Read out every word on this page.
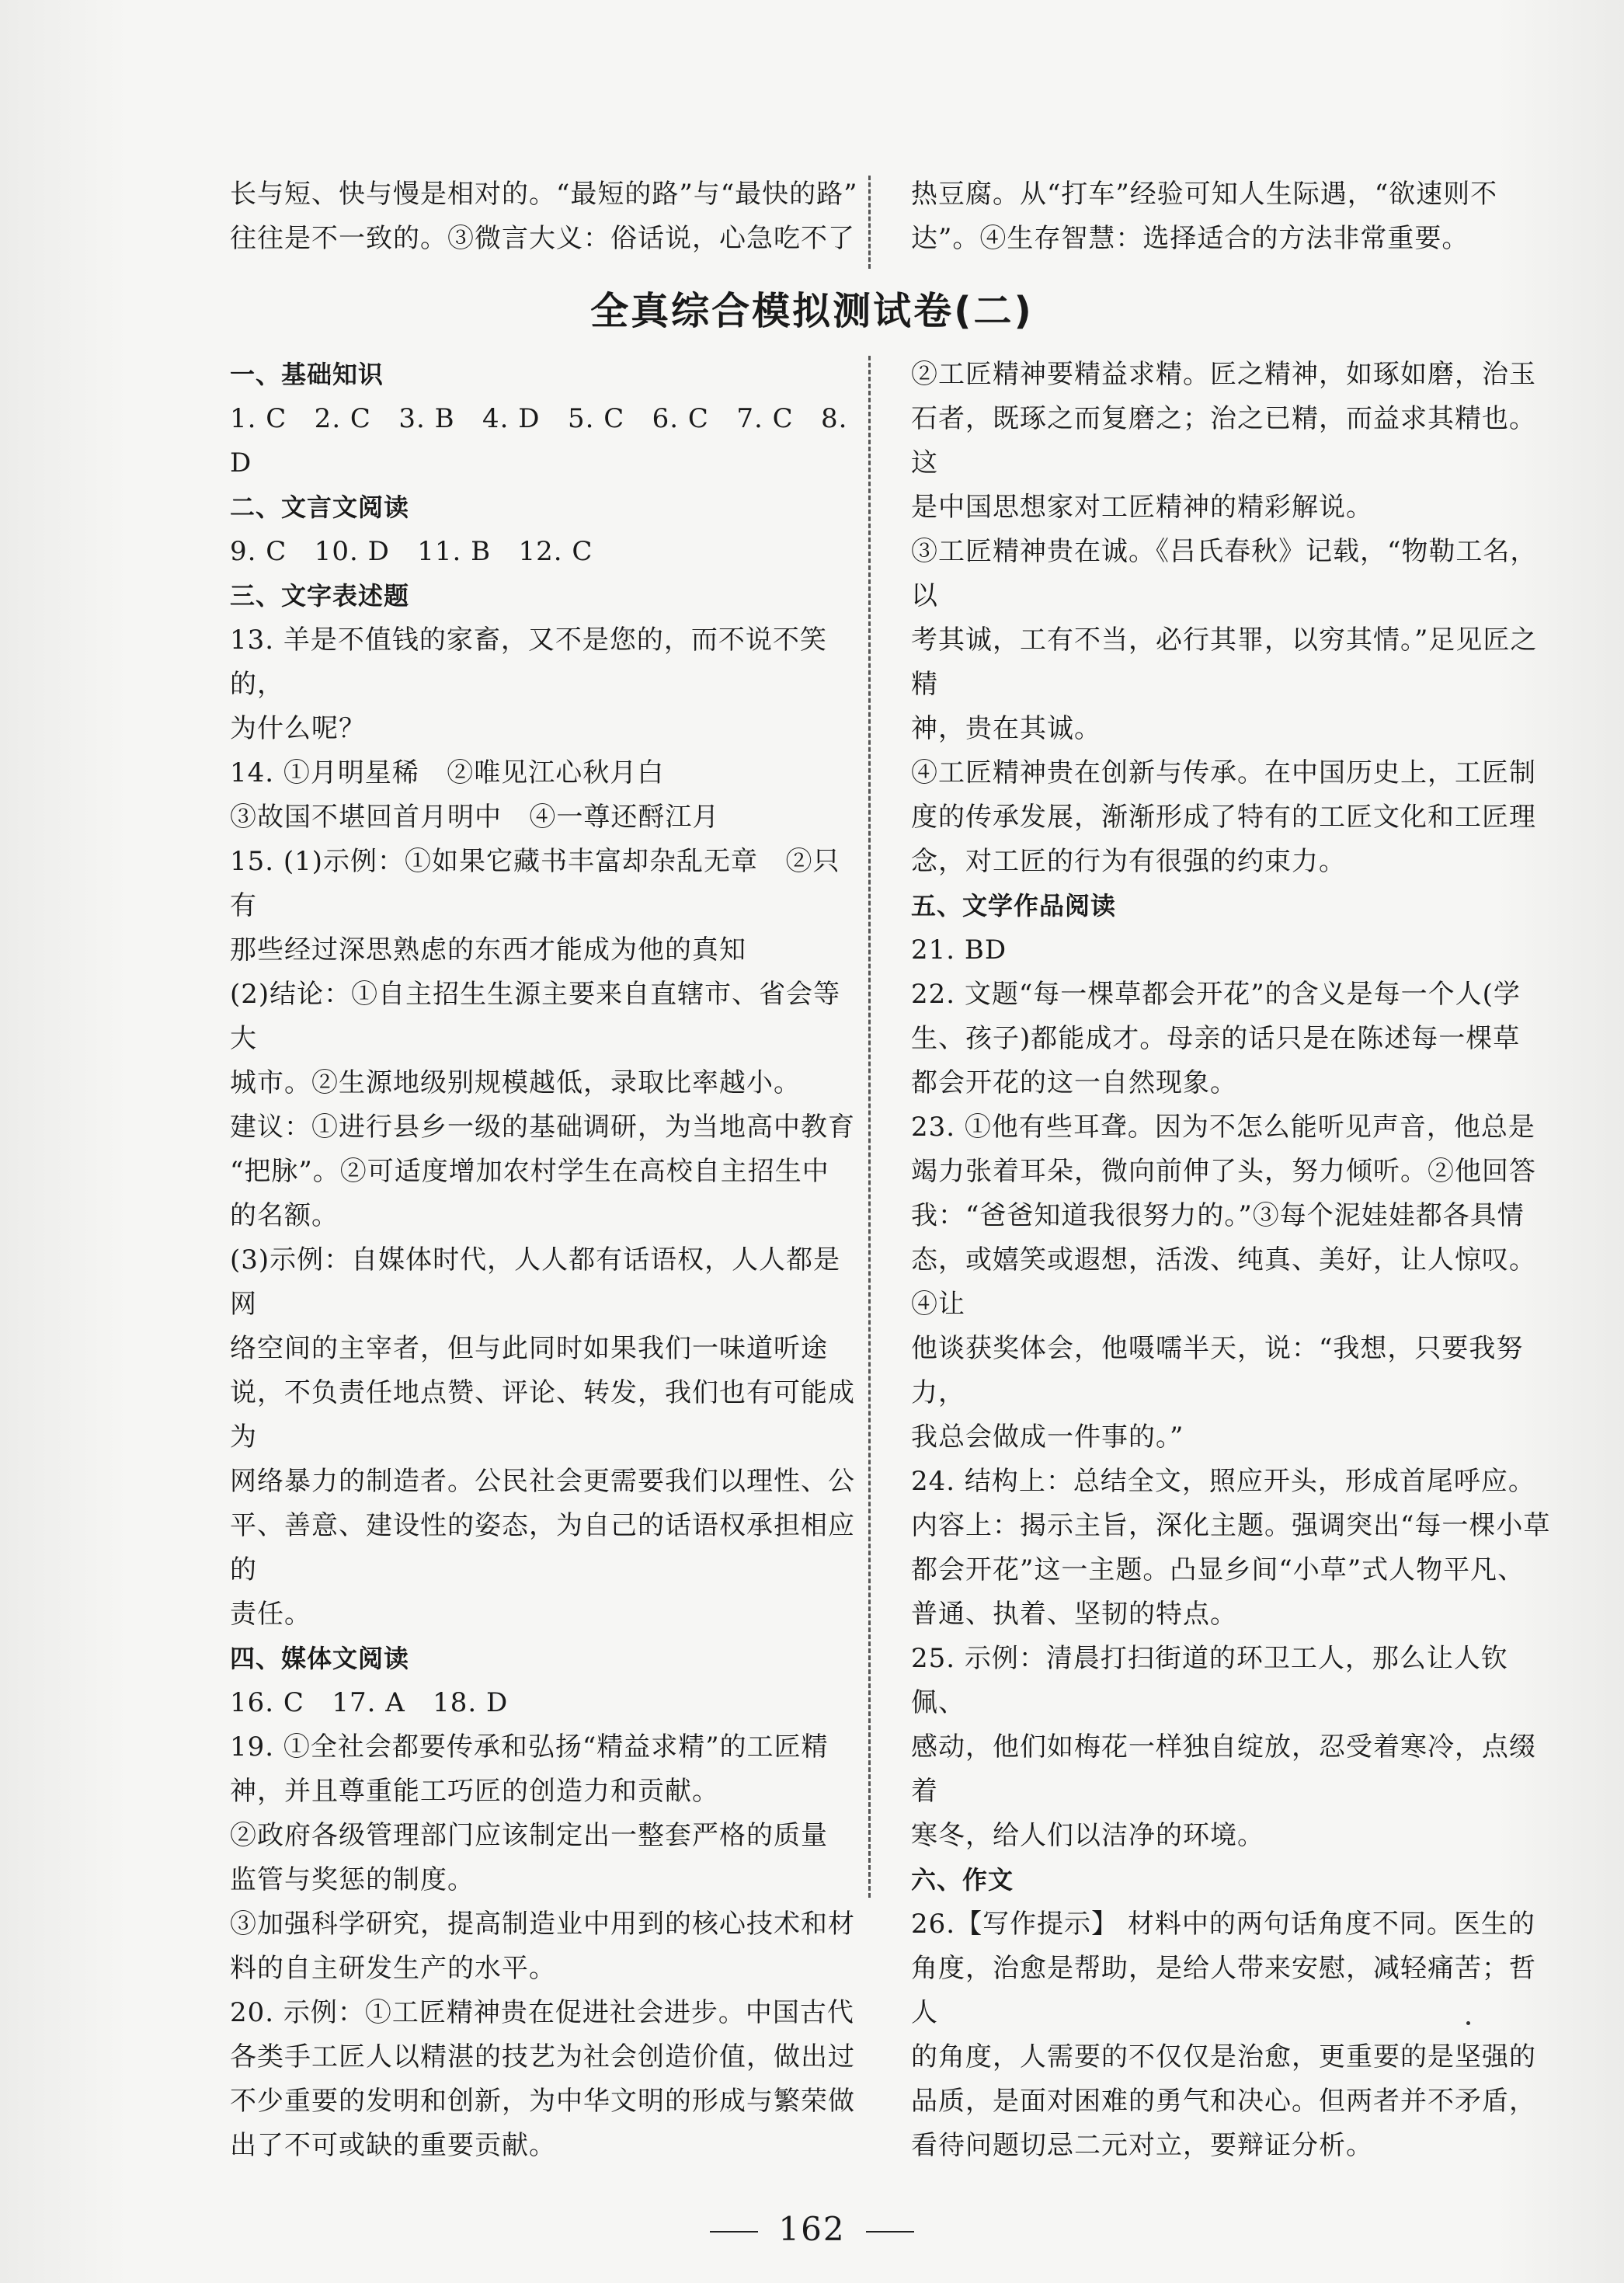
长与短、快与慢是相对的。“最短的路”与“最快的路”

往往是不一致的。③微言大义：俗话说，心急吃不了

热豆腐。从“打车”经验可知人生际遇，“欲速则不

达”。④生存智慧：选择适合的方法非常重要。

全真综合模拟测试卷(二)

一、基础知识

1. C   2. C   3. B   4. D   5. C   6. C   7. C   8. D

二、文言文阅读

9. C   10. D   11. B   12. C

三、文字表述题

13. 羊是不值钱的家畜，又不是您的，而不说不笑的，

为什么呢？

14. ①月明星稀   ②唯见江心秋月白

③故国不堪回首月明中   ④一尊还酹江月

15. (1)示例：①如果它藏书丰富却杂乱无章   ②只有

那些经过深思熟虑的东西才能成为他的真知

(2)结论：①自主招生生源主要来自直辖市、省会等大

城市。②生源地级别规模越低，录取比率越小。

建议：①进行县乡一级的基础调研，为当地高中教育

“把脉”。②可适度增加农村学生在高校自主招生中

的名额。

(3)示例：自媒体时代，人人都有话语权，人人都是网

络空间的主宰者，但与此同时如果我们一味道听途

说，不负责任地点赞、评论、转发，我们也有可能成为

网络暴力的制造者。公民社会更需要我们以理性、公

平、善意、建设性的姿态，为自己的话语权承担相应的

责任。

四、媒体文阅读

16. C   17. A   18. D

19. ①全社会都要传承和弘扬“精益求精”的工匠精

神，并且尊重能工巧匠的创造力和贡献。

②政府各级管理部门应该制定出一整套严格的质量

监管与奖惩的制度。

③加强科学研究，提高制造业中用到的核心技术和材

料的自主研发生产的水平。

20. 示例：①工匠精神贵在促进社会进步。中国古代

各类手工匠人以精湛的技艺为社会创造价值，做出过

不少重要的发明和创新，为中华文明的形成与繁荣做

出了不可或缺的重要贡献。

②工匠精神要精益求精。匠之精神，如琢如磨，治玉

石者，既琢之而复磨之；治之已精，而益求其精也。这

是中国思想家对工匠精神的精彩解说。

③工匠精神贵在诚。《吕氏春秋》记载，“物勒工名，以

考其诚，工有不当，必行其罪，以穷其情。”足见匠之精

神，贵在其诚。

④工匠精神贵在创新与传承。在中国历史上，工匠制

度的传承发展，渐渐形成了特有的工匠文化和工匠理

念，对工匠的行为有很强的约束力。

五、文学作品阅读

21. BD

22. 文题“每一棵草都会开花”的含义是每一个人(学

生、孩子)都能成才。母亲的话只是在陈述每一棵草

都会开花的这一自然现象。

23. ①他有些耳聋。因为不怎么能听见声音，他总是

竭力张着耳朵，微向前伸了头，努力倾听。②他回答

我：“爸爸知道我很努力的。”③每个泥娃娃都各具情

态，或嬉笑或遐想，活泼、纯真、美好，让人惊叹。④让

他谈获奖体会，他嗫嚅半天，说：“我想，只要我努力，

我总会做成一件事的。”

24. 结构上：总结全文，照应开头，形成首尾呼应。

内容上：揭示主旨，深化主题。强调突出“每一棵小草

都会开花”这一主题。凸显乡间“小草”式人物平凡、

普通、执着、坚韧的特点。

25. 示例：清晨打扫街道的环卫工人，那么让人钦佩、

感动，他们如梅花一样独自绽放，忍受着寒冷，点缀着

寒冬，给人们以洁净的环境。

六、作文

26.【写作提示】 材料中的两句话角度不同。医生的

角度，治愈是帮助，是给人带来安慰，减轻痛苦；哲人

的角度，人需要的不仅仅是治愈，更重要的是坚强的

品质，是面对困难的勇气和决心。但两者并不矛盾，

看待问题切忌二元对立，要辩证分析。

162
